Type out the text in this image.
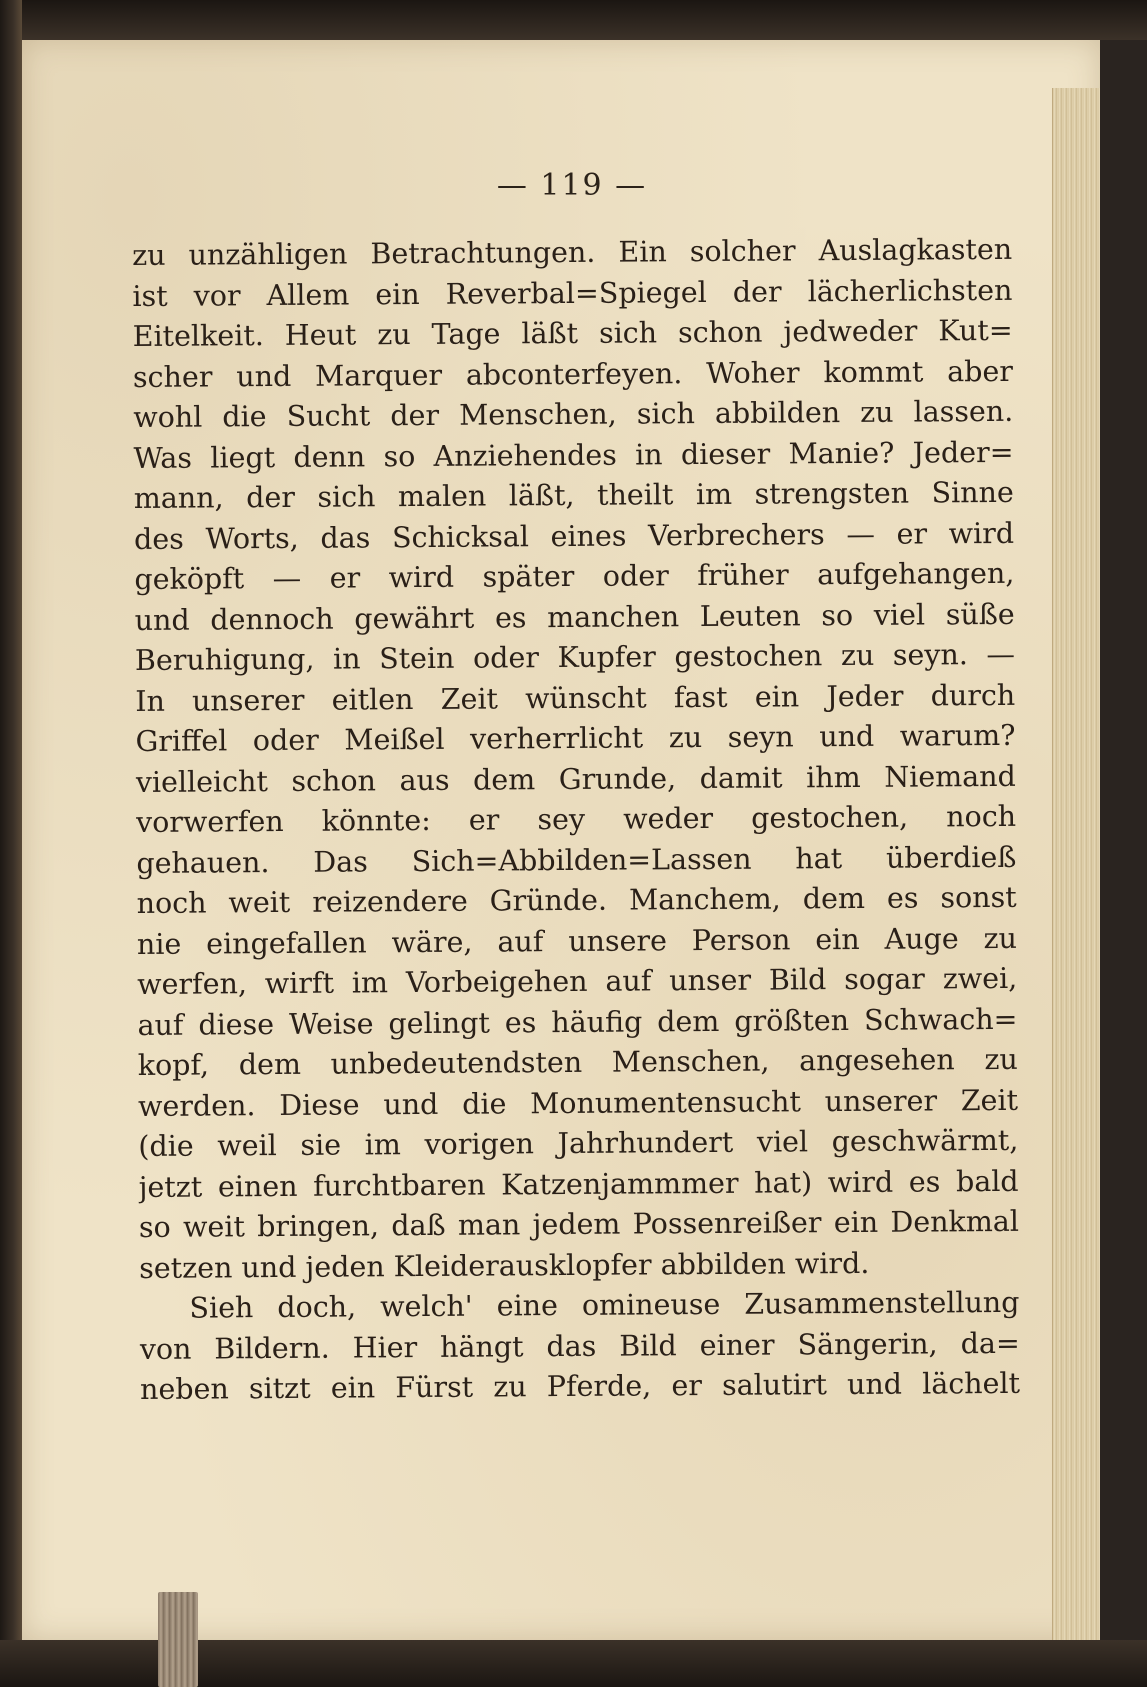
— 119 —
zu unzähligen Betrachtungen. Ein solcher Auslagkasten
ist vor Allem ein Reverbal=Spiegel der lächerlichsten
Eitelkeit. Heut zu Tage läßt sich schon jedweder Kut=
scher und Marquer abconterfeyen. Woher kommt aber
wohl die Sucht der Menschen, sich abbilden zu lassen.
Was liegt denn so Anziehendes in dieser Manie? Jeder=
mann, der sich malen läßt, theilt im strengsten Sinne
des Worts, das Schicksal eines Verbrechers — er wird
geköpft — er wird später oder früher aufgehangen,
und dennoch gewährt es manchen Leuten so viel süße
Beruhigung, in Stein oder Kupfer gestochen zu seyn. —
In unserer eitlen Zeit wünscht fast ein Jeder durch
Griffel oder Meißel verherrlicht zu seyn und warum?
vielleicht schon aus dem Grunde, damit ihm Niemand
vorwerfen könnte: er sey weder gestochen, noch
gehauen. Das Sich=Abbilden=Lassen hat überdieß
noch weit reizendere Gründe. Manchem, dem es sonst
nie eingefallen wäre, auf unsere Person ein Auge zu
werfen, wirft im Vorbeigehen auf unser Bild sogar zwei,
auf diese Weise gelingt es häufig dem größten Schwach=
kopf, dem unbedeutendsten Menschen, angesehen zu
werden. Diese und die Monumentensucht unserer Zeit
(die weil sie im vorigen Jahrhundert viel geschwärmt,
jetzt einen furchtbaren Katzenjammmer hat) wird es bald
so weit bringen, daß man jedem Possenreißer ein Denkmal
setzen und jeden Kleiderausklopfer abbilden wird.
Sieh doch, welch' eine omineuse Zusammenstellung
von Bildern. Hier hängt das Bild einer Sängerin, da=
neben sitzt ein Fürst zu Pferde, er salutirt und lächelt
